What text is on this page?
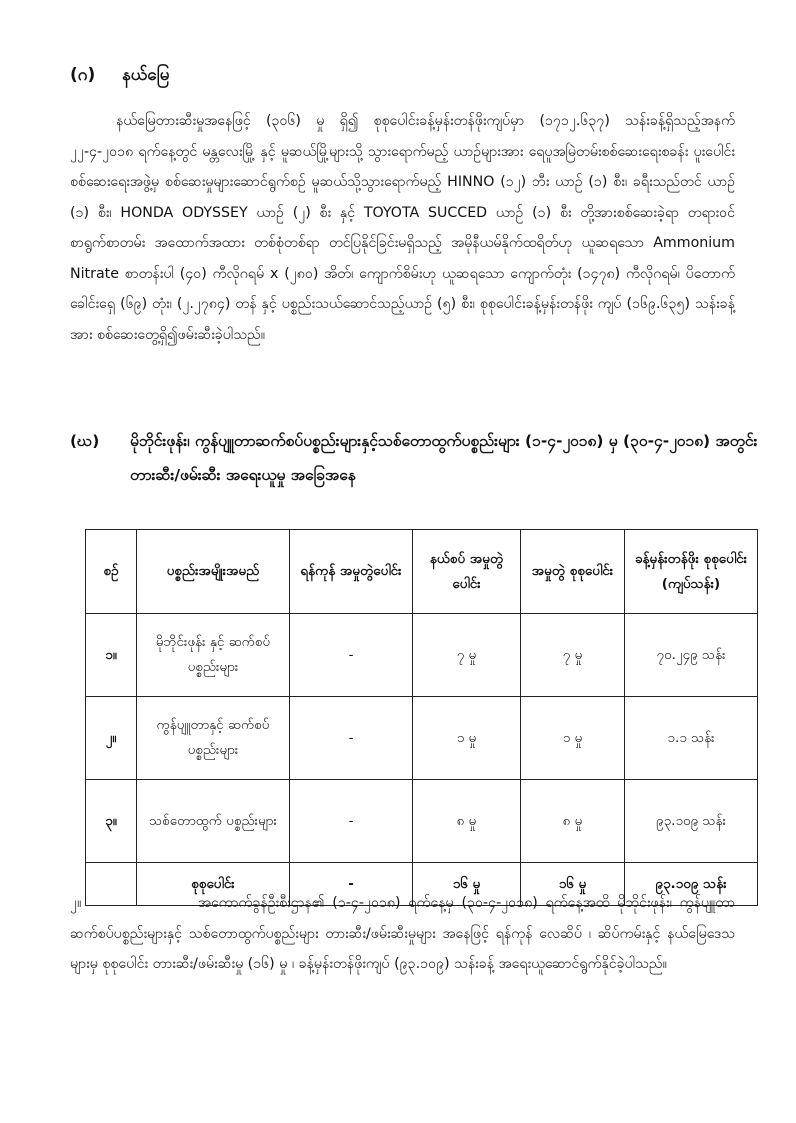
(ဂ) နယ်မြေ

နယ်မြေတားဆီးမှုအနေဖြင့် (၃၀၆) မှု ရှိ၍ စုစုပေါင်းခန့်မှန်းတန်ဖိုးကျပ်မှာ (၁၇၁၂.၆၃၇) သန်းခန့်ရှိသည့်အနက် ၂၂-၄-၂၀၁၈ ရက်နေ့တွင် မန္တလေးမြို့ နှင့် မူဆယ်မြို့များသို့ သွားရောက်မည့် ယာဉ်များအား ရေပူအမြဲတမ်းစစ်ဆေးရေးစခန်း ပူးပေါင်းစစ်ဆေးရေးအဖွဲ့မှ စစ်ဆေးမှုများဆောင်ရွက်စဉ် မူဆယ်သို့သွားရောက်မည့် HINNO (၁၂) ဘီး ယာဉ် (၁) စီး၊ ခရီးသည်တင် ယာဉ် (၁) စီး၊ HONDA ODYSSEY ယာဉ် (၂) စီး နှင့် TOYOTA SUCCED ယာဉ် (၁) စီး တို့အားစစ်ဆေးခဲ့ရာ တရားဝင် စာရွက်စာတမ်း အထောက်အထား တစ်စုံတစ်ရာ တင်ပြနိုင်ခြင်းမရှိသည့် အမိုနီယမ်နိုက်ထရိတ်ဟု ယူဆရသော Ammonium Nitrate စာတန်းပါ (၄၀) ကီလိုဂရမ် x (၂၈၀) အိတ်၊ ကျောက်စိမ်းဟု ယူဆရသော ကျောက်တုံး (၁၄၇၈) ကီလိုဂရမ်၊ ပိတောက်ခေါင်းရှေ (၆၉) တုံး၊ (၂.၂၇၈၄) တန် နှင့် ပစ္စည်းသယ်ဆောင်သည့်ယာဉ် (၅) စီး၊ စုစုပေါင်းခန့်မှန်းတန်ဖိုး ကျပ် (၁၆၉.၆၃၅) သန်းခန့်အား စစ်ဆေးတွေ့ရှိ၍ဖမ်းဆီးခဲ့ပါသည်။

(ဃ)	မိုဘိုင်းဖုန်း၊ ကွန်ပျူတာဆက်စပ်ပစ္စည်းများနှင့်သစ်တောထွက်ပစ္စည်းများ (၁-၄-၂၀၁၈) မှ (၃၀-၄-၂၀၁၈) အတွင်း တားဆီး/ဖမ်းဆီး အရေးယူမှု အခြေအနေ
စဉ်	ပစ္စည်းအမျိုးအမည်	ရန်ကုန် အမှုတွဲပေါင်း	နယ်စပ် အမှုတွဲပေါင်း	အမှုတွဲ စုစုပေါင်း	ခန့်မှန်းတန်ဖိုး စုစုပေါင်း (ကျပ်သန်း)
၁။	မိုဘိုင်းဖုန်း နှင့် ဆက်စပ်ပစ္စည်းများ	-	၇ မှု	၇ မှု	၇၀.၂၄၉ သန်း
၂။	ကွန်ပျူတာနှင့် ဆက်စပ်ပစ္စည်းများ	-	၁ မှု	၁ မှု	၁.၁ သန်း
၃။	သစ်တောထွက် ပစ္စည်းများ	-	၈ မှု	၈ မှု	၉၃.၁၀၉ သန်း
	စုစုပေါင်း	-	၁၆ မှု	၁၆ မှု	၉၃.၁၀၉ သန်း

၂။	အကောက်ခွန်ဦးစီးဌာန၏ (၁-၄-၂၀၁၈) ရက်နေ့မှ (၃၀-၄-၂၀၁၈) ရက်နေ့အထိ မိုဘိုင်းဖုန်း၊ ကွန်ပျူတာဆက်စပ်ပစ္စည်းများနှင့် သစ်တောထွက်ပစ္စည်းများ တားဆီး/ဖမ်းဆီးမှုများ အနေဖြင့် ရန်ကုန် လေဆိပ် ၊ ဆိပ်ကမ်းနှင့် နယ်မြေဒေသများမှ စုစုပေါင်း တားဆီး/ဖမ်းဆီးမှု (၁၆) မှု ၊ ခန့်မှန်းတန်ဖိုးကျပ် (၉၃.၁၀၉) သန်းခန့် အရေးယူဆောင်ရွက်နိုင်ခဲ့ပါသည်။
